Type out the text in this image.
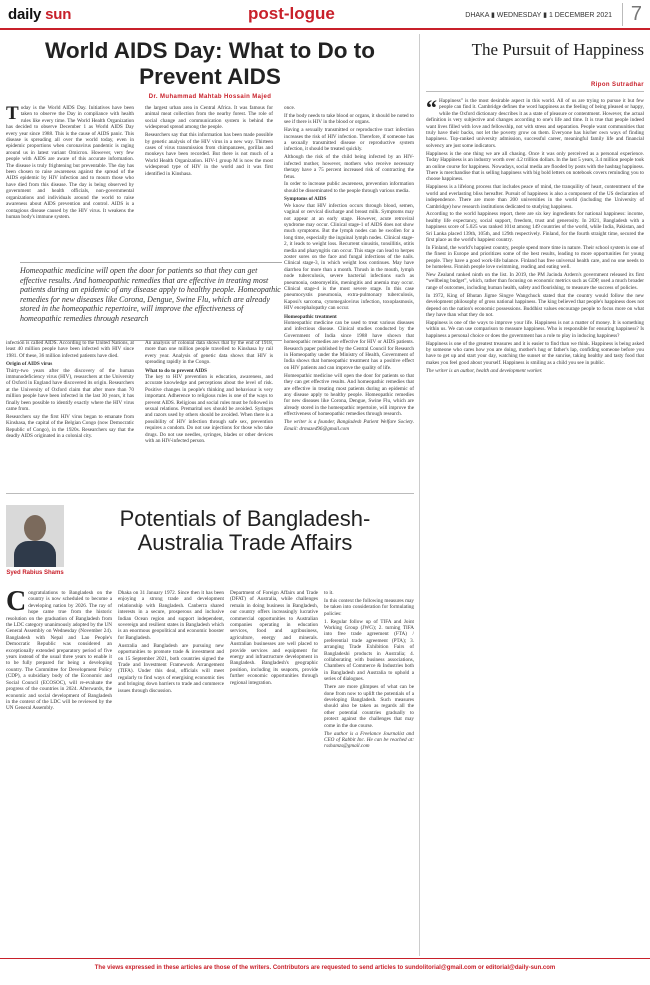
daily sun	post-logue	DHAKA ▮ WEDNESDAY ▮ 1 DECEMBER 2021 7
World AIDS Day: What to Do to Prevent AIDS
Dr. Muhammad Mahtab Hossain Majed

Today is the World AIDS Day. Initiatives have been taken to observe the Day in compliance with health rules like every time. The World Health Organization has decided to observe December 1 as World AIDS Day every year since 1988. This is the cause of AIDS panic. This disease is spreading all over the world today, even in epidemic proportions when coronavirus pandemic is raging around us in latest variant Omicron. However, very few people with AIDS are aware of this accurate information. The disease is truly frightening but preventable. The day has been chosen to raise awareness against the spread of the AIDS epidemic by HIV infection and to mourn those who have died from this disease. The day is being observed by government and health officials, non-governmental organizations and individuals around the world to raise awareness about AIDS prevention and control. AIDS is a contagious disease caused by the HIV virus. It weakens the human body's immune system.

the largest urban area in Central Africa. It was famous for animal meat collection from the nearby forest. The role of social change and communication system is behind the widespread spread among the people.

Researchers say that this information has been made possible by genetic analysis of the HIV virus in a new way. Thirteen cases of virus transmission from chimpanzees, gorillas and monkeys have been recorded. But there is not much of a World Health Organization. HIV-1 group M is now the most widespread type of HIV in the world and it was first identified in Kinshasa.

once.

If the body needs to take blood or organs, it should be noted to see if there is HIV in the blood or organs.

Having a sexually transmitted or reproductive tract infection increases the risk of HIV infection. Therefore, if someone has a sexually transmitted disease or reproductive system infection, it should be treated quickly.

Although the risk of the child being infected by an HIV-infected mother, however, mothers who receive necessary therapy have a 75 percent increased risk of contracting the fetus.

In order to increase public awareness, prevention information should be disseminated to the people through various media.

Symptoms of AIDS

We know that HIV infection occurs through blood, semen, vaginal or cervical discharge and breast milk. Symptoms may not appear at an early stage. However, acute retroviral syndrome may occur. Clinical stage-1 of AIDS does not show much symptoms. But the lymph nodes can be swollen for a long time, especially the inguinal lymph nodes. Clinical stage-2, it leads to weight loss. Recurrent sinusitis, tonsillitis, otitis media and pharyngitis can occur. This stage can lead to herpes zoster sores on the face and fungal infections of the nails. Clinical stage-3, in which weight loss continues. May have diarrhea for more than a month. Thrush in the mouth, lymph node tuberculosis, severe bacterial infections such as pneumonia, osteomyelitis, meningitis and anemia may occur. Clinical stage-4 is the most severe stage. In this case pneumocystis pneumonia, extra-pulmonary tuberculosis, Kaposi's sarcoma, cytomegalovirus infection, toxoplasmosis, HIV encephalopathy can occur.

Homeopathic treatment

Homeopathic medicine can be used to treat various diseases and infectious disease. Clinical studies conducted by the Government of India since 1988 have shown that homeopathic remedies are effective for HIV or AIDS patients. Research paper published by the Central Council for Research in Homeopathy under the Ministry of Health, Government of India shows that homeopathic treatment has a positive effect on HIV patients and can improve the quality of life.

Homeopathic medicine will open the door for patients so that they can get effective results. And homeopathic remedies that are effective in treating most patients during an epidemic of any disease apply to healthy people. Homeopathic remedies for new diseases like Corona, Dengue, Swine Flu, which are already stored in the homeopathic repertoire, will improve the effectiveness of homeopathic remedies through research.

The writer is a founder, Bangladesh Patient Welfare Society. Email: drmazed96@gmail.com

Homeopathic medicine will open the door for patients so that they can get effective results. And homeopathic remedies that are effective in treating most patients during an epidemic of any disease apply to healthy people. Homeopathic remedies for new diseases like Corona, Dengue, Swine Flu, which are already stored in the homeopathic repertoire, will improve the effectiveness of homeopathic remedies through research

infection is called AIDS. According to the United Nations, at least 40 million people have been infected with HIV since 1981. Of these, 36 million infected patients have died.

Origin of AIDS virus

Thirty-two years after the discovery of the human immunodeficiency virus (HIV), researchers at the University of Oxford in England have discovered its origin. Researchers at the University of Oxford claim that after more than 70 million people have been infected in the last 30 years, it has finally been possible to identify exactly where the HIV virus came from.

Researchers say the first HIV virus began to emanate from Kinshasa, the capital of the Belgian Congo (now Democratic Republic of Congo), in the 1920s. Researchers say that the deadly AIDS originated in a colonial city.

An analysis of colonial data shows that by the end of 1918, more than one million people travelled to Kinshasa by rail every year. Analysis of genetic data shows that HIV is spreading rapidly in the Congo.

What to do to prevent AIDS

The key to HIV prevention is education, awareness, and accurate knowledge and perceptions about the level of risk. Positive changes in people's thinking and behaviour is very important. Adherence to religious rules is one of the ways to prevent AIDS. Religious and social rules must be followed in sexual relations. Premarital sex should be avoided. Syringes and razors used by others should be avoided. When there is a possibility of HIV infection through safe sex, prevention requires a condom. Do not use injections for those who take drugs. Do not use needles, syringes, blades or other devices with an HIV-infected person.

Syed Rabius Shams
Potentials of Bangladesh-Australia Trade Affairs

Congratulations to Bangladesh on the country is now scheduled to become a developing nation by 2026. The ray of hope came true from the historic resolution on the graduation of Bangladesh from the LDC category unanimously adopted by the UN General Assembly on Wednesday (November 24). Bangladesh with Nepal and Lao People's Democratic Republic was considered an exceptionally extended preparatory period of five years instead of the usual three years to enable it to be fully prepared for being a developing country. The Committee for Development Policy (CDP), a subsidiary body of the Economic and Social Council (ECOSOC), will re-evaluate the progress of the countries in 2024. Afterwards, the economic and social development of Bangladesh in the context of the LDC will be reviewed by the UN General Assembly.

Dhaka on 31 January 1972. Since then it has been enjoying a strong trade and development relationship with Bangladesh. Canberra shared interests in a secure, prosperous and inclusive Indian Ocean region and support independent, sovereign and resilient states in Bangladesh which is an enormous geopolitical and economic booster for Bangladesh.

Australia and Bangladesh are pursuing new opportunities to promote trade & investment and on 15 September 2021, both countries signed the Trade and Investment Framework Arrangement (TIFA). Under this deal, officials will meet regularly to find ways of energising economic ties and bringing down barriers to trade and commerce issues through discussion.

Department of Foreign Affairs and Trade (DFAT) of Australia, while challenges remain in doing business in Bangladesh, our country offers increasingly lucrative commercial opportunities to Australian companies operating in education services, food and agribusiness, agriculture, energy and minerals. Australian businesses are well placed to provide services and equipment for energy and infrastructure development in Bangladesh. Bangladesh's geographic position, including its seaports, provide further economic opportunities through regional integration.

to it.

In this context the following measures may be taken into consideration for formulating policies:

1. Regular follow up of TIFA and Joint Working Group (JWG); 2. turning TIFA into free trade agreement (FTA) / preferential trade agreement (PTA); 3. arranging Trade Exhibition Fairs of Bangladeshi products in Australia; 4. collaborating with business associations, Chambers of Commerce & Industries both in Bangladesh and Australia to uphold a series of dialogues.

There are more glimpses of what can be done from now to uplift the potentials of a developing Bangladesh. Such measures should also be taken as regards all the other potential countries gradually to protect against the challenges that may come in the due course.

The author is a Freelance Journalist and CEO of Rabbit Inc. He can be reached at: rsshamzs@gmail.com

The Pursuit of Happiness
Ripon Sutradhar

“ Happiness” is the most desirable aspect in this world. All of us are trying to pursue it but few people can find it. Cambridge defines the word happiness as the feeling of being pleased or happy, while the Oxford dictionary describes it as a state of pleasure or contentment. However, the actual definition is very subjective and changes according to one's life and time. It is true that people indeed want lives filled with love and fellowship, not with stress and separation. People want communities that truly have their backs, not let the poverty grow on them. Everyone has his/her own ways of finding happiness. Top-ranked university admission, successful career, meaningful family life and financial solvency are just some indicators.

Happiness is the one thing we are all chasing. Once it was only perceived as a personal experience. Today Happiness is an industry worth over 4.2 trillion dollars. In the last 5 years, 3.4 million people took an online course for happiness. Nowadays, social media are flooded by posts with the hashtag happiness. There is merchandise that is selling happiness with big bold letters on notebook covers reminding you to choose happiness.

Happiness is a lifelong process that includes peace of mind, the tranquility of heart, contentment of the world and everlasting bliss hereafter. Pursuit of happiness is also a component of the US declaration of independence. There are more than 200 universities in the world (including the University of Cambridge) how research institutions dedicated to studying happiness.

According to the world happiness report, there are six key ingredients for national happiness: income, healthy life expectancy, social support, freedom, trust and generosity. In 2021, Bangladesh with a happiness score of 5.025 was ranked 101st among 149 countries of the world, while India, Pakistan, and Sri Lanka placed 139th, 105th, and 129th respectively. Finland, for the fourth straight time, secured the first place as the world's happiest country.

In Finland, the world's happiest country, people spend more time in nature. Their school system is one of the finest in Europe and prioritizes some of the best results, leading to more opportunities for young people. They have a good work-life balance. Finland has free universal health care, and no one needs to be homeless. Finnish people love swimming, reading and eating well.

New Zealand ranked ninth on the list. In 2019, the PM Jacinda Ardern's government released its first “wellbeing budget”, which, rather than focusing on economic metrics such as GDP, used a much broader range of outcomes, including human health, safety and flourishing, to measure the success of policies.

In 1972, King of Bhutan Jigme Singye Wangchuck stated that the country would follow the new development philosophy of gross national happiness. The king believed that people's happiness does not depend on the nation's economic possessions. Buddhist values encourage people to focus more on what they have than what they do not.

Happiness is one of the ways to improve your life. Happiness is not a matter of money. It is something within us. We can use comparison to measure happiness. Who is responsible for ensuring happiness? Is happiness a personal choice or does the government has a role to play in inducing happiness?

Happiness is one of the greatest treasures and it is easier to find than we think. Happiness is being asked by someone who cares how you are doing, mother's hug or father's lap, confiding someone before you have to get up and start your day, watching the sunset or the sunrise, taking healthy and tasty food that makes you feel good about yourself. Happiness is smiling as a child you see in public.

The writer is an author, health and development worker.

The views expressed in these articles are those of the writers. Contributors are requested to send articles to sundolitorial@gmail.com or editorial@daily-sun.com
